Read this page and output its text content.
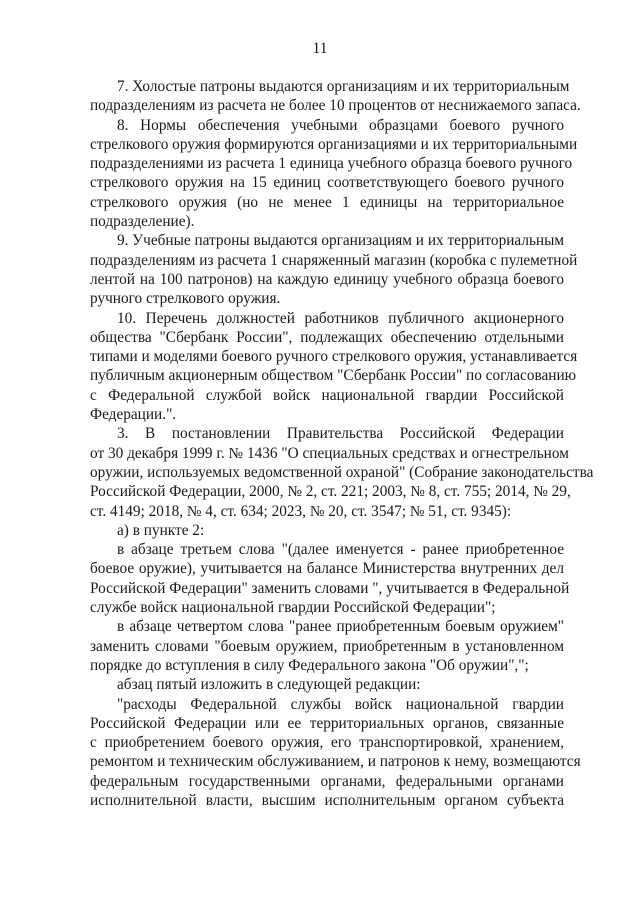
11
7. Холостые патроны выдаются организациям и их территориальным
подразделениям из расчета не более 10 процентов от неснижаемого запаса.
8. Нормы обеспечения учебными образцами боевого ручного
стрелкового оружия формируются организациями и их территориальными
подразделениями из расчета 1 единица учебного образца боевого ручного
стрелкового оружия на 15 единиц соответствующего боевого ручного
стрелкового оружия (но не менее 1 единицы на территориальное
подразделение).
9. Учебные патроны выдаются организациям и их территориальным
подразделениям из расчета 1 снаряженный магазин (коробка с пулеметной
лентой на 100 патронов) на каждую единицу учебного образца боевого
ручного стрелкового оружия.
10. Перечень должностей работников публичного акционерного
общества "Сбербанк России", подлежащих обеспечению отдельными
типами и моделями боевого ручного стрелкового оружия, устанавливается
публичным акционерным обществом "Сбербанк России" по согласованию
с Федеральной службой войск национальной гвардии Российской
Федерации.".
3. В постановлении Правительства Российской Федерации
от 30 декабря 1999 г. № 1436 "О специальных средствах и огнестрельном
оружии, используемых ведомственной охраной" (Собрание законодательства
Российской Федерации, 2000, № 2, ст. 221; 2003, № 8, ст. 755; 2014, № 29,
ст. 4149; 2018, № 4, ст. 634; 2023, № 20, ст. 3547; № 51, ст. 9345):
а) в пункте 2:
в абзаце третьем слова "(далее именуется - ранее приобретенное
боевое оружие), учитывается на балансе Министерства внутренних дел
Российской Федерации" заменить словами ", учитывается в Федеральной
службе войск национальной гвардии Российской Федерации";
в абзаце четвертом слова "ранее приобретенным боевым оружием"
заменить словами "боевым оружием, приобретенным в установленном
порядке до вступления в силу Федерального закона "Об оружии",";
абзац пятый изложить в следующей редакции:
"расходы Федеральной службы войск национальной гвардии
Российской Федерации или ее территориальных органов, связанные
с приобретением боевого оружия, его транспортировкой, хранением,
ремонтом и техническим обслуживанием, и патронов к нему, возмещаются
федеральным государственными органами, федеральными органами
исполнительной власти, высшим исполнительным органом субъекта
